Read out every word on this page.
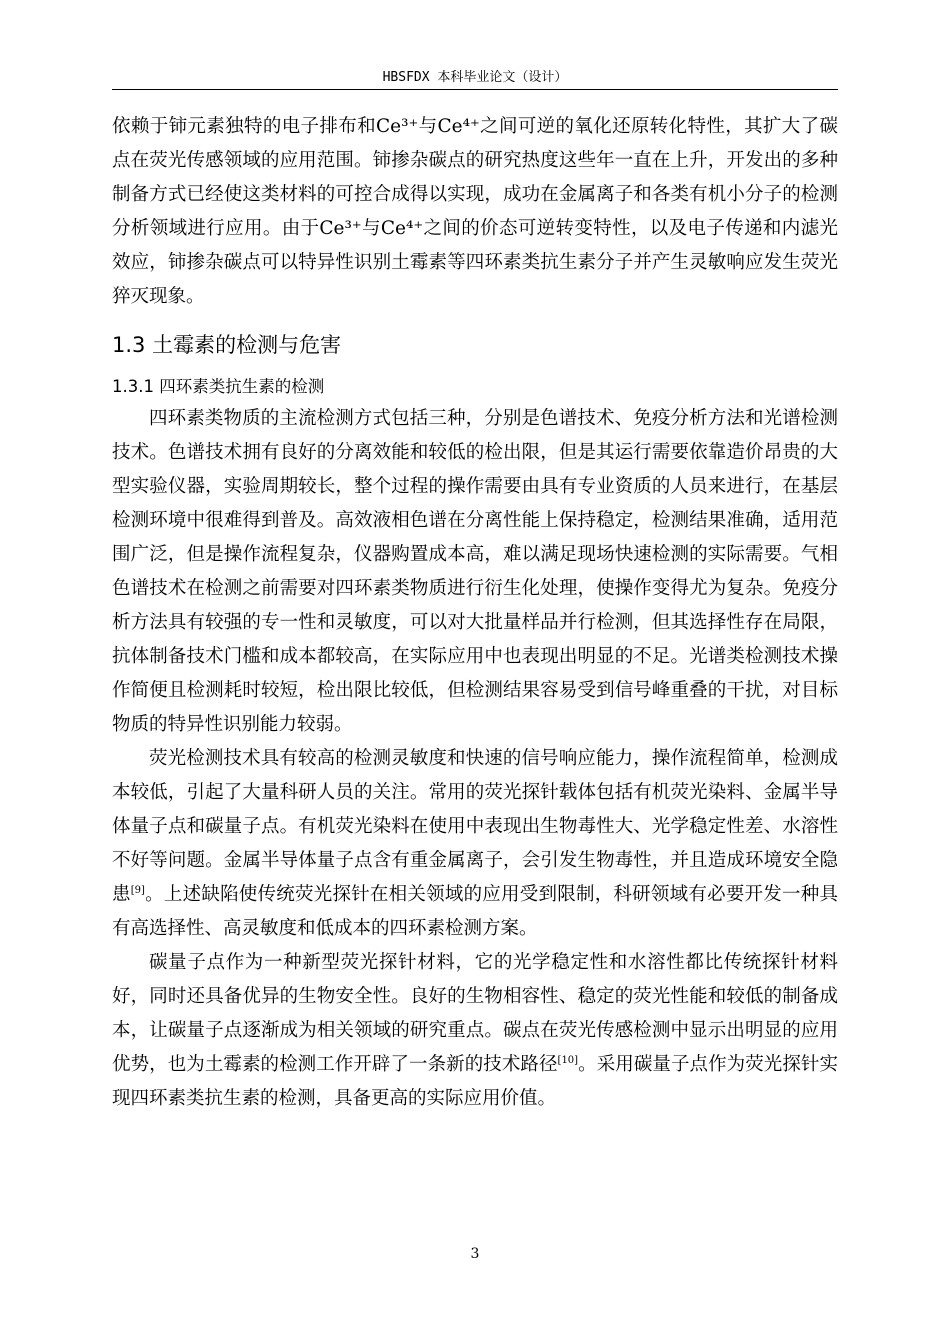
HBSFDX 本科毕业论文（设计）

依赖于铈元素独特的电子排布和Ce³⁺与Ce⁴⁺之间可逆的氧化还原转化特性，其扩大了碳点在荧光传感领域的应用范围。铈掺杂碳点的研究热度这些年一直在上升，开发出的多种制备方式已经使这类材料的可控合成得以实现，成功在金属离子和各类有机小分子的检测分析领域进行应用。由于Ce³⁺与Ce⁴⁺之间的价态可逆转变特性，以及电子传递和内滤光效应，铈掺杂碳点可以特异性识别土霉素等四环素类抗生素分子并产生灵敏响应发生荧光猝灭现象。

1.3 土霉素的检测与危害
1.3.1 四环素类抗生素的检测

四环素类物质的主流检测方式包括三种，分别是色谱技术、免疫分析方法和光谱检测技术。色谱技术拥有良好的分离效能和较低的检出限，但是其运行需要依靠造价昂贵的大型实验仪器，实验周期较长，整个过程的操作需要由具有专业资质的人员来进行，在基层检测环境中很难得到普及。高效液相色谱在分离性能上保持稳定，检测结果准确，适用范围广泛，但是操作流程复杂，仪器购置成本高，难以满足现场快速检测的实际需要。气相色谱技术在检测之前需要对四环素类物质进行衍生化处理，使操作变得尤为复杂。免疫分析方法具有较强的专一性和灵敏度，可以对大批量样品并行检测，但其选择性存在局限，抗体制备技术门槛和成本都较高，在实际应用中也表现出明显的不足。光谱类检测技术操作简便且检测耗时较短，检出限比较低，但检测结果容易受到信号峰重叠的干扰，对目标物质的特异性识别能力较弱。

荧光检测技术具有较高的检测灵敏度和快速的信号响应能力，操作流程简单，检测成本较低，引起了大量科研人员的关注。常用的荧光探针载体包括有机荧光染料、金属半导体量子点和碳量子点。有机荧光染料在使用中表现出生物毒性大、光学稳定性差、水溶性不好等问题。金属半导体量子点含有重金属离子，会引发生物毒性，并且造成环境安全隐患[9]。上述缺陷使传统荧光探针在相关领域的应用受到限制，科研领域有必要开发一种具有高选择性、高灵敏度和低成本的四环素检测方案。

碳量子点作为一种新型荧光探针材料，它的光学稳定性和水溶性都比传统探针材料好，同时还具备优异的生物安全性。良好的生物相容性、稳定的荧光性能和较低的制备成本，让碳量子点逐渐成为相关领域的研究重点。碳点在荧光传感检测中显示出明显的应用优势，也为土霉素的检测工作开辟了一条新的技术路径[10]。采用碳量子点作为荧光探针实现四环素类抗生素的检测，具备更高的实际应用价值。

3
